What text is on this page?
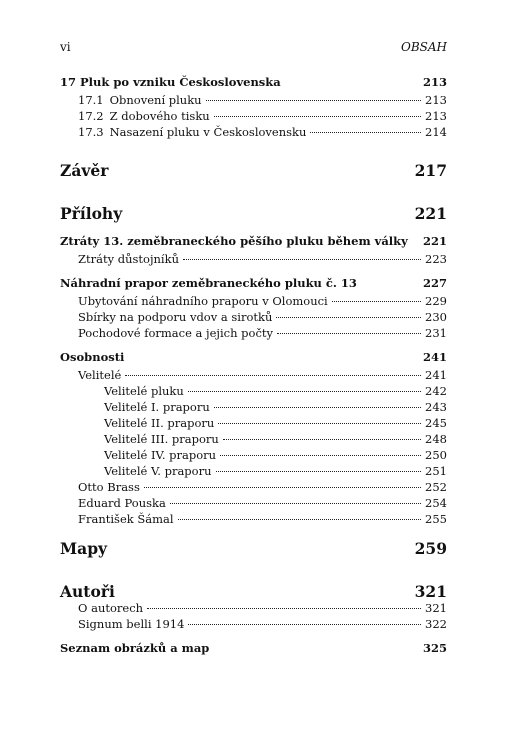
vi	OBSAH
17 Pluk po vzniku Československa	213
17.1 Obnovení pluku	213
17.2 Z dobového tisku	213
17.3 Nasazení pluku v Československu	214
Závěr	217
Přílohy	221
Ztráty 13. zeměbraneckého pěšího pluku během války 221
Ztráty důstojníků	223
Náhradní prapor zeměbraneckého pluku č. 13	227
Ubytování náhradního praporu v Olomouci	229
Sbírky na podporu vdov a sirotků	230
Pochodové formace a jejich počty	231
Osobnosti	241
Velitelé	241
Velitelé pluku	242
Velitelé I. praporu	243
Velitelé II. praporu	245
Velitelé III. praporu	248
Velitelé IV. praporu	250
Velitelé V. praporu	251
Otto Brass	252
Eduard Pouska	254
František Šámal	255
Mapy	259
Autoři	321
O autorech	321
Signum belli 1914	322
Seznam obrázků a map	325
